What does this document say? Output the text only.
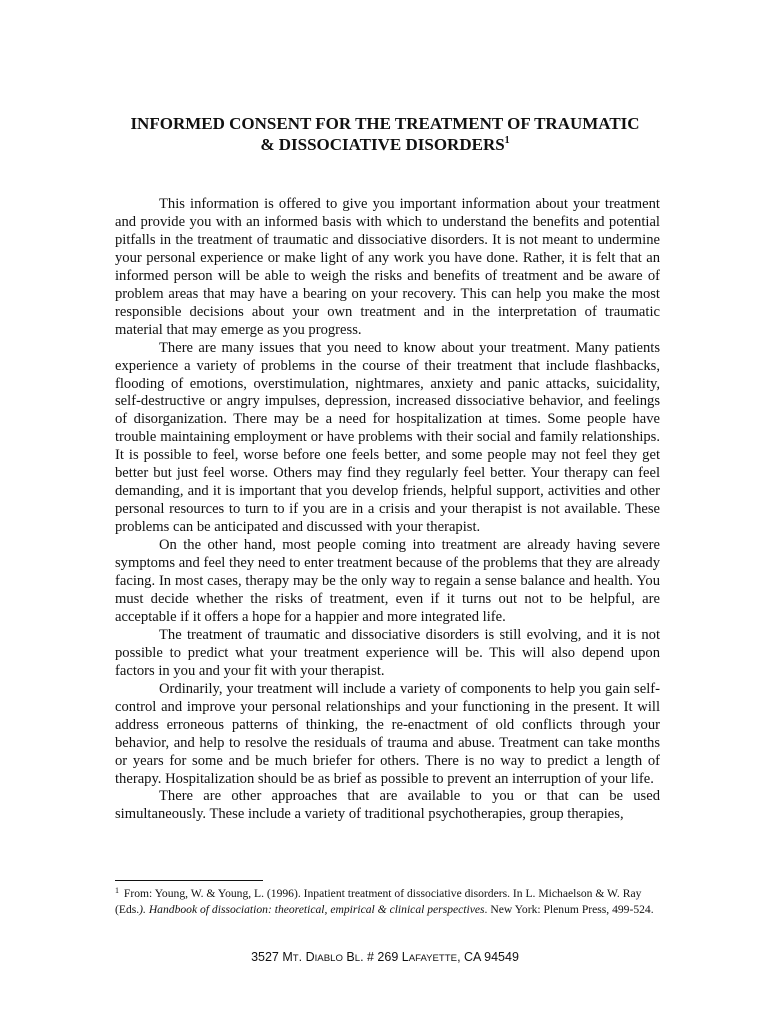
INFORMED CONSENT FOR THE TREATMENT OF TRAUMATIC
& DISSOCIATIVE DISORDERS$^1$

This information is offered to give you important information about your treatment and provide you with an informed basis with which to understand the benefits and potential pitfalls in the treatment of traumatic and dissociative disorders. It is not meant to undermine your personal experience or make light of any work you have done. Rather, it is felt that an informed person will be able to weigh the risks and benefits of treatment and be aware of problem areas that may have a bearing on your recovery. This can help you make the most responsible decisions about your own treatment and in the interpretation of traumatic material that may emerge as you progress.

There are many issues that you need to know about your treatment. Many patients experience a variety of problems in the course of their treatment that include flashbacks, flooding of emotions, overstimulation, nightmares, anxiety and panic attacks, suicidality, self-destructive or angry impulses, depression, increased dissociative behavior, and feelings of disorganization. There may be a need for hospitalization at times. Some people have trouble maintaining employment or have problems with their social and family relationships. It is possible to feel, worse before one feels better, and some people may not feel they get better but just feel worse. Others may find they regularly feel better. Your therapy can feel demanding, and it is important that you develop friends, helpful support, activities and other personal resources to turn to if you are in a crisis and your therapist is not available. These problems can be anticipated and discussed with your therapist.

On the other hand, most people coming into treatment are already having severe symptoms and feel they need to enter treatment because of the problems that they are already facing. In most cases, therapy may be the only way to regain a sense balance and health. You must decide whether the risks of treatment, even if it turns out not to be helpful, are acceptable if it offers a hope for a happier and more integrated life.

The treatment of traumatic and dissociative disorders is still evolving, and it is not possible to predict what your treatment experience will be. This will also depend upon factors in you and your fit with your therapist.

Ordinarily, your treatment will include a variety of components to help you gain self-control and improve your personal relationships and your functioning in the present. It will address erroneous patterns of thinking, the re-enactment of old conflicts through your behavior, and help to resolve the residuals of trauma and abuse. Treatment can take months or years for some and be much briefer for others. There is no way to predict a length of therapy. Hospitalization should be as brief as possible to prevent an interruption of your life.

There are other approaches that are available to you or that can be used simultaneously. These include a variety of traditional psychotherapies, group therapies,

$^1$ From: Young, W. & Young, L. (1996). Inpatient treatment of dissociative disorders. In L. Michaelson & W. Ray (Eds.). Handbook of dissociation: theoretical, empirical & clinical perspectives. New York: Plenum Press, 499-524.
3527 MT. DIABLO BL. # 269 LAFAYETTE, CA 94549
